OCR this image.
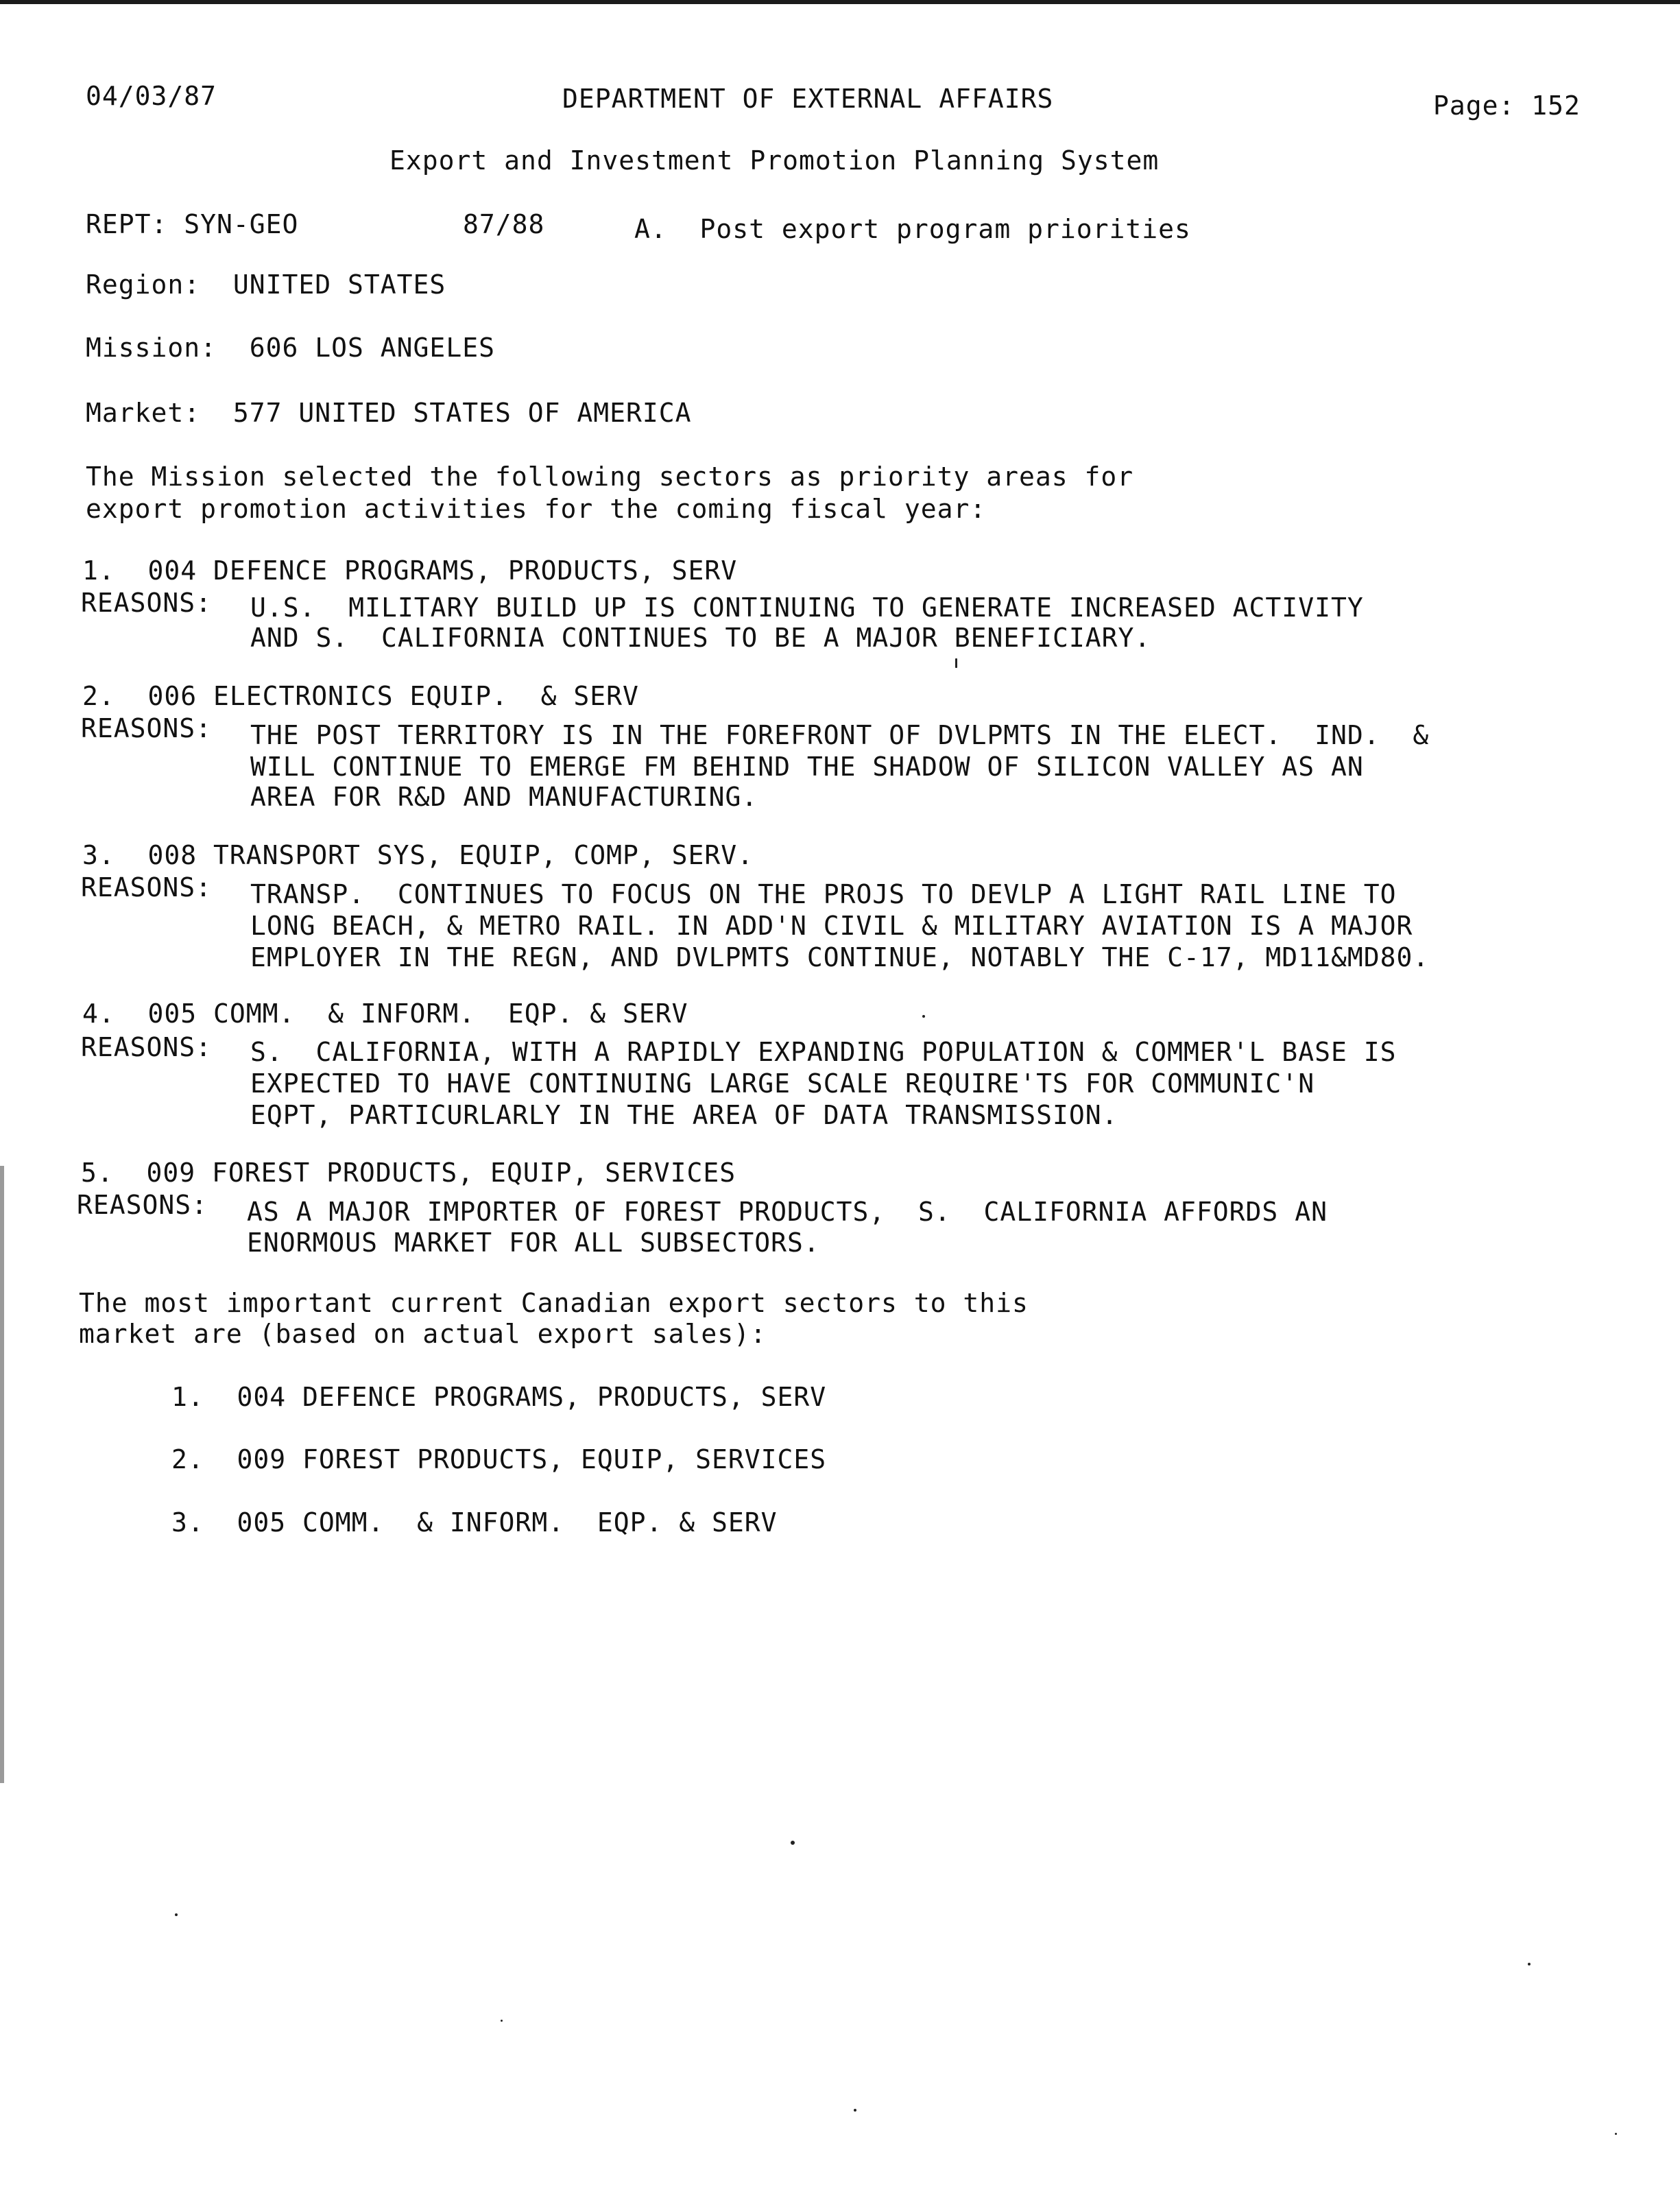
04/03/87	DEPARTMENT OF EXTERNAL AFFAIRS	Page: 152
Export and Investment Promotion Planning System
REPT: SYN-GEO	87/88	A.  Post export program priorities
Region:  UNITED STATES
Mission:  606 LOS ANGELES
Market:  577 UNITED STATES OF AMERICA
The Mission selected the following sectors as priority areas for
export promotion activities for the coming fiscal year:
1.  004 DEFENCE PROGRAMS, PRODUCTS, SERV
REASONS: U.S.  MILITARY BUILD UP IS CONTINUING TO GENERATE INCREASED ACTIVITY
AND S.  CALIFORNIA CONTINUES TO BE A MAJOR BENEFICIARY.
2.  006 ELECTRONICS EQUIP.  & SERV
REASONS: THE POST TERRITORY IS IN THE FOREFRONT OF DVLPMTS IN THE ELECT.  IND.  &
WILL CONTINUE TO EMERGE FM BEHIND THE SHADOW OF SILICON VALLEY AS AN
AREA FOR R&D AND MANUFACTURING.
3.  008 TRANSPORT SYS, EQUIP, COMP, SERV.
REASONS: TRANSP.  CONTINUES TO FOCUS ON THE PROJS TO DEVLP A LIGHT RAIL LINE TO
LONG BEACH, & METRO RAIL. IN ADD'N CIVIL & MILITARY AVIATION IS A MAJOR
EMPLOYER IN THE REGN, AND DVLPMTS CONTINUE, NOTABLY THE C-17, MD11&MD80.
4.  005 COMM.  & INFORM.  EQP. & SERV
REASONS: S.  CALIFORNIA, WITH A RAPIDLY EXPANDING POPULATION & COMMER'L BASE IS
EXPECTED TO HAVE CONTINUING LARGE SCALE REQUIRE'TS FOR COMMUNIC'N
EQPT, PARTICURLARLY IN THE AREA OF DATA TRANSMISSION.
5.  009 FOREST PRODUCTS, EQUIP, SERVICES
REASONS: AS A MAJOR IMPORTER OF FOREST PRODUCTS,  S.  CALIFORNIA AFFORDS AN
ENORMOUS MARKET FOR ALL SUBSECTORS.
The most important current Canadian export sectors to this
market are (based on actual export sales):
1.  004 DEFENCE PROGRAMS, PRODUCTS, SERV
2.  009 FOREST PRODUCTS, EQUIP, SERVICES
3.  005 COMM.  & INFORM.  EQP. & SERV
